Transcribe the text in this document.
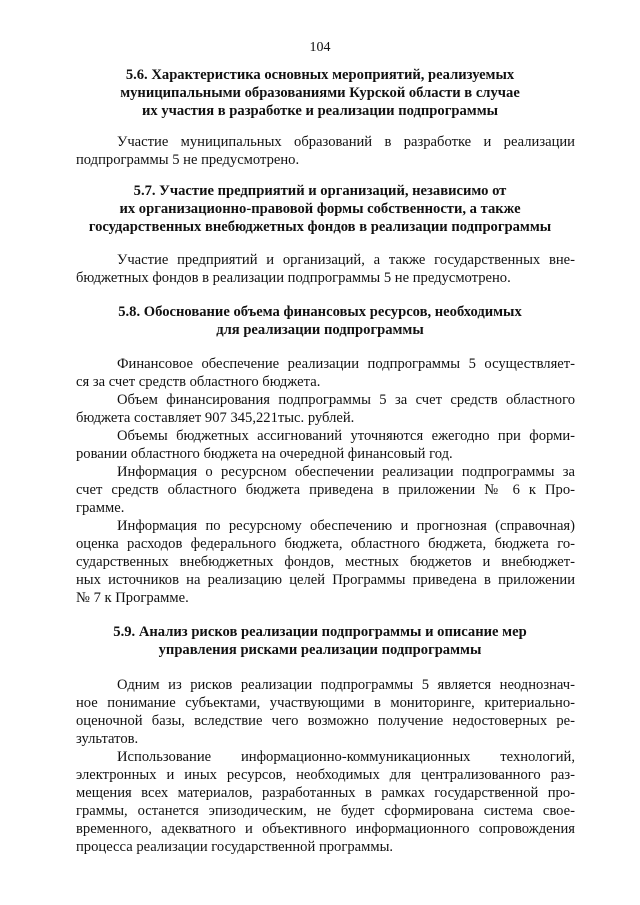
104
5.6. Характеристика основных мероприятий, реализуемых
муниципальными образованиями Курской области в случае
их участия в разработке и реализации подпрограммы
Участие муниципальных образований в разработке и реализации
подпрограммы 5 не предусмотрено.
5.7. Участие предприятий и организаций, независимо от
их организационно-правовой формы собственности, а также
государственных внебюджетных фондов в реализации подпрограммы
Участие предприятий и организаций, а также государственных вне-
бюджетных фондов в реализации подпрограммы 5 не предусмотрено.
5.8. Обоснование объема финансовых ресурсов, необходимых
для реализации подпрограммы
Финансовое обеспечение реализации подпрограммы 5 осуществляет-
ся за счет средств областного бюджета.
Объем финансирования подпрограммы 5 за счет средств областного
бюджета составляет 907 345,221тыс. рублей.
Объемы бюджетных ассигнований уточняются ежегодно при форми-
ровании областного бюджета на очередной финансовый год.
Информация о ресурсном обеспечении реализации подпрограммы за
счет средств областного бюджета приведена в приложении № 6 к Про-
грамме.
Информация по ресурсному обеспечению и прогнозная (справочная)
оценка расходов федерального бюджета, областного бюджета, бюджета го-
сударственных внебюджетных фондов, местных бюджетов и внебюджет-
ных источников на реализацию целей Программы приведена в приложении
№ 7 к Программе.
5.9. Анализ рисков реализации подпрограммы и описание мер
управления рисками реализации подпрограммы
Одним из рисков реализации подпрограммы 5 является неоднознач-
ное понимание субъектами, участвующими в мониторинге, критериально-
оценочной базы, вследствие чего возможно получение недостоверных ре-
зультатов.
Использование информационно-коммуникационных технологий,
электронных и иных ресурсов, необходимых для централизованного раз-
мещения всех материалов, разработанных в рамках государственной про-
граммы, останется эпизодическим, не будет сформирована система свое-
временного, адекватного и объективного информационного сопровождения
процесса реализации государственной программы.
